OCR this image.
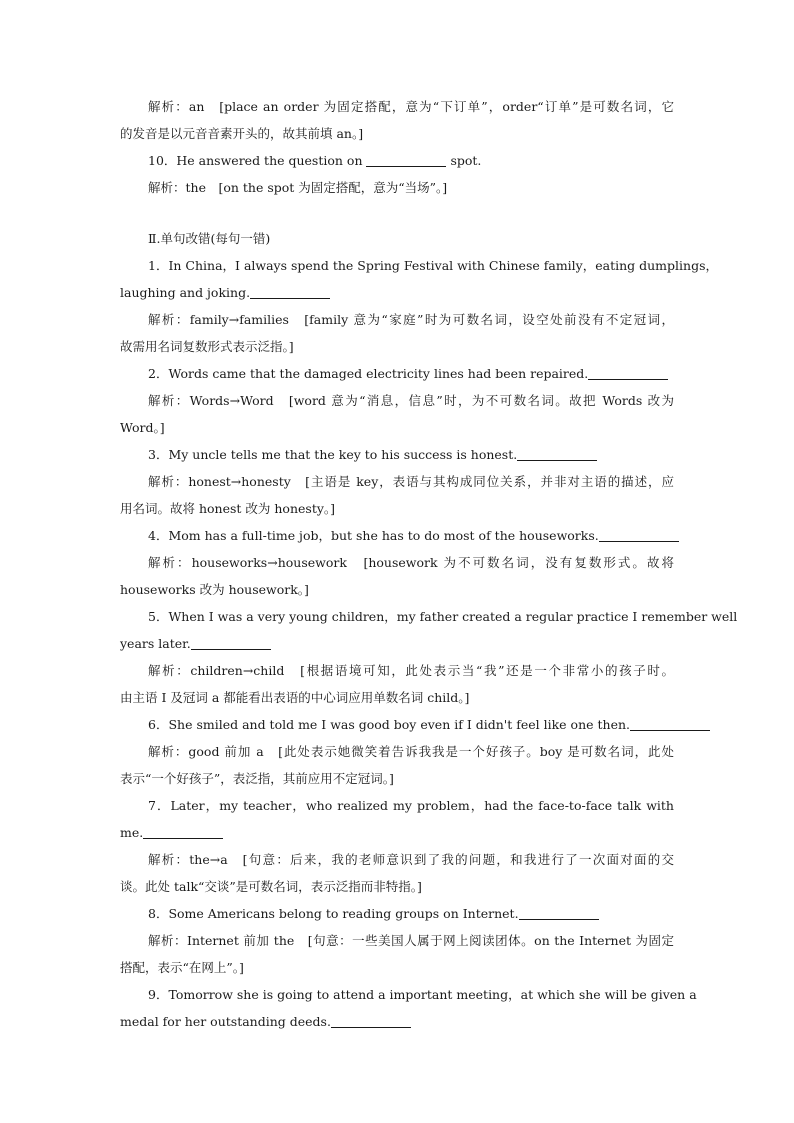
解析：an　[place an order 为固定搭配，意为“下订单”，order“订单”是可数名词，它
的发音是以元音音素开头的，故其前填 an。]
10．He answered the question on	spot.
解析：the　[on the spot 为固定搭配，意为“当场”。]
Ⅱ.单句改错(每句一错)
1．In China，I always spend the Spring Festival with Chinese family，eating dumplings，
laughing and joking.
解析：family→families　[family 意为“家庭”时为可数名词，设空处前没有不定冠词，
故需用名词复数形式表示泛指。]
2．Words came that the damaged electricity lines had been repaired.
解析：Words→Word　[word 意为“消息，信息”时，为不可数名词。故把 Words 改为
Word。]
3．My uncle tells me that the key to his success is honest.
解析：honest→honesty　[主语是 key，表语与其构成同位关系，并非对主语的描述，应
用名词。故将 honest 改为 honesty。]
4．Mom has a full-time job，but she has to do most of the houseworks.
解析：houseworks→housework　[housework 为不可数名词，没有复数形式。故将
houseworks 改为 housework。]
5．When I was a very young children，my father created a regular practice I remember well
years later.
解析：children→child　[根据语境可知，此处表示当“我”还是一个非常小的孩子时。
由主语 I 及冠词 a 都能看出表语的中心词应用单数名词 child。]
6．She smiled and told me I was good boy even if I didn't feel like one then.
解析：good 前加 a　[此处表示她微笑着告诉我我是一个好孩子。boy 是可数名词，此处
表示“一个好孩子”，表泛指，其前应用不定冠词。]
7．Later，my teacher，who realized my problem，had the face-to-face talk with
me.
解析：the→a　[句意：后来，我的老师意识到了我的问题，和我进行了一次面对面的交
谈。此处 talk“交谈”是可数名词，表示泛指而非特指。]
8．Some Americans belong to reading groups on Internet.
解析：Internet 前加 the　[句意：一些美国人属于网上阅读团体。on the Internet 为固定
搭配，表示“在网上”。]
9．Tomorrow she is going to attend a important meeting，at which she will be given a
medal for her outstanding deeds.
